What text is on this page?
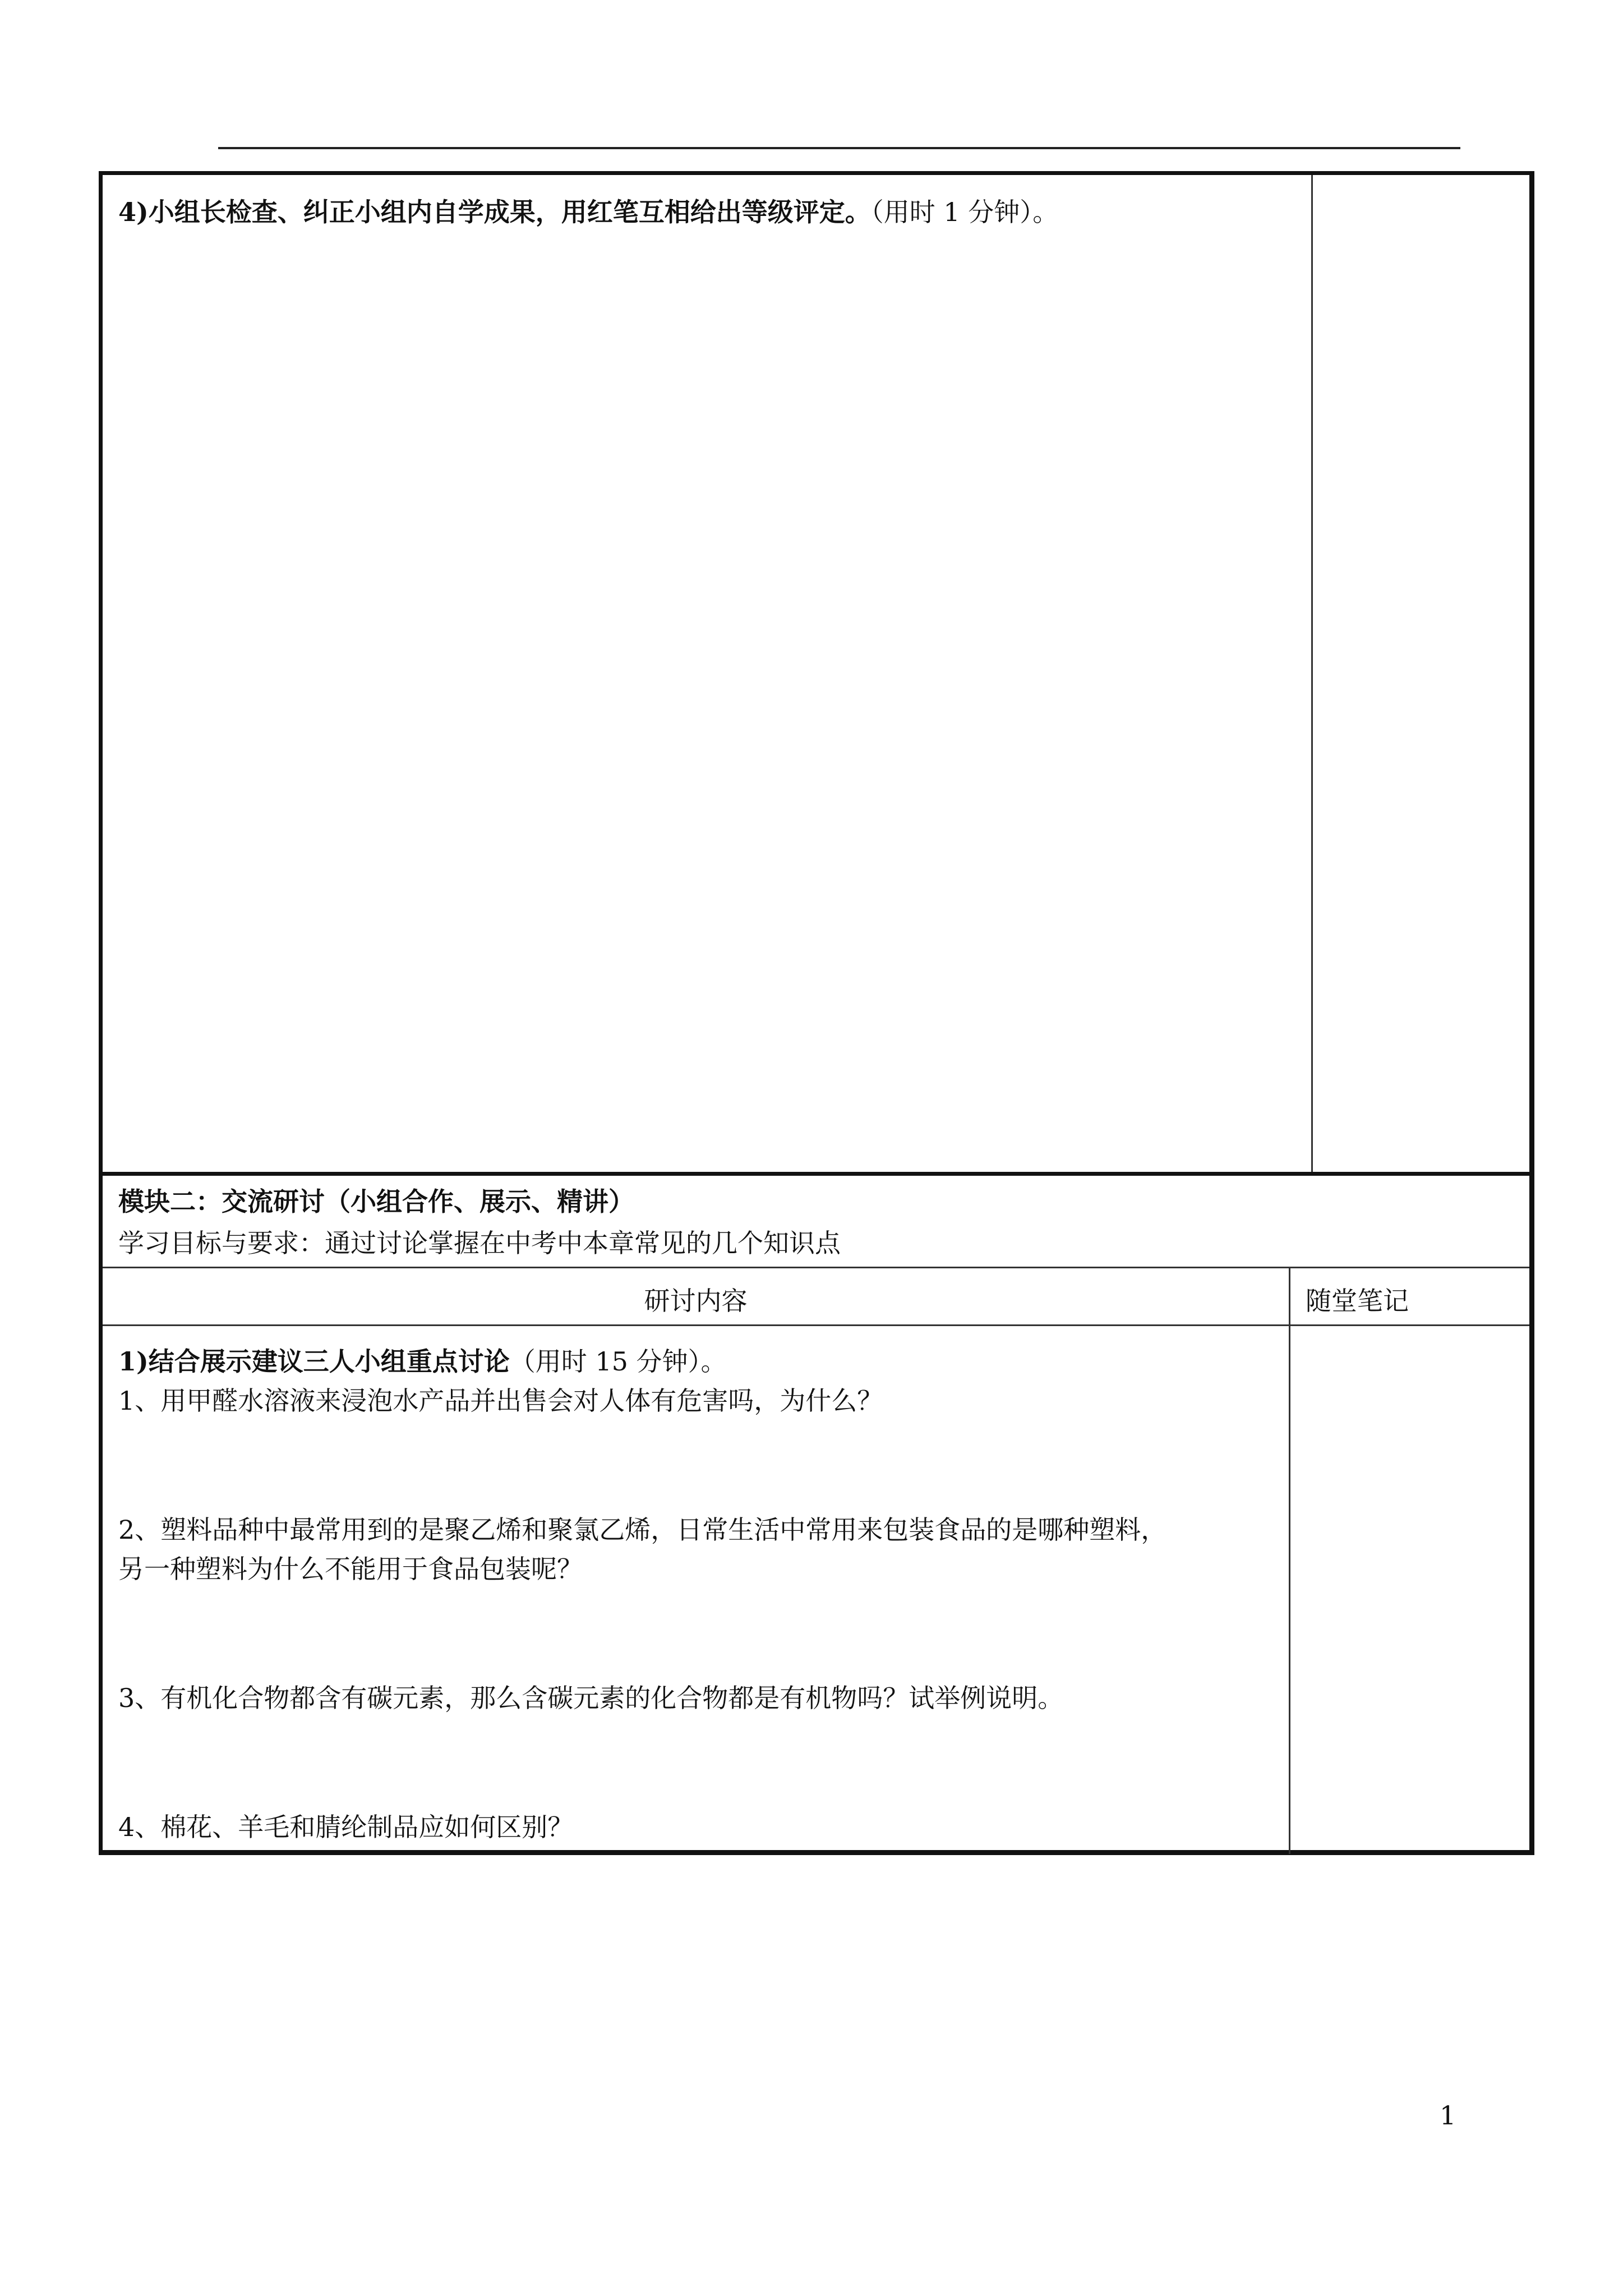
4)小组长检查、纠正小组内自学成果，用红笔互相给出等级评定。（用时 1 分钟）。
模块二：交流研讨（小组合作、展示、精讲）
学习目标与要求：通过讨论掌握在中考中本章常见的几个知识点
研讨内容	随堂笔记
1)结合展示建议三人小组重点讨论（用时 15 分钟）。
1、用甲醛水溶液来浸泡水产品并出售会对人体有危害吗，为什么？
2、塑料品种中最常用到的是聚乙烯和聚氯乙烯，日常生活中常用来包装食品的是哪种塑料，
另一种塑料为什么不能用于食品包装呢？
3、有机化合物都含有碳元素，那么含碳元素的化合物都是有机物吗？试举例说明。
4、棉花、羊毛和腈纶制品应如何区别？
1
